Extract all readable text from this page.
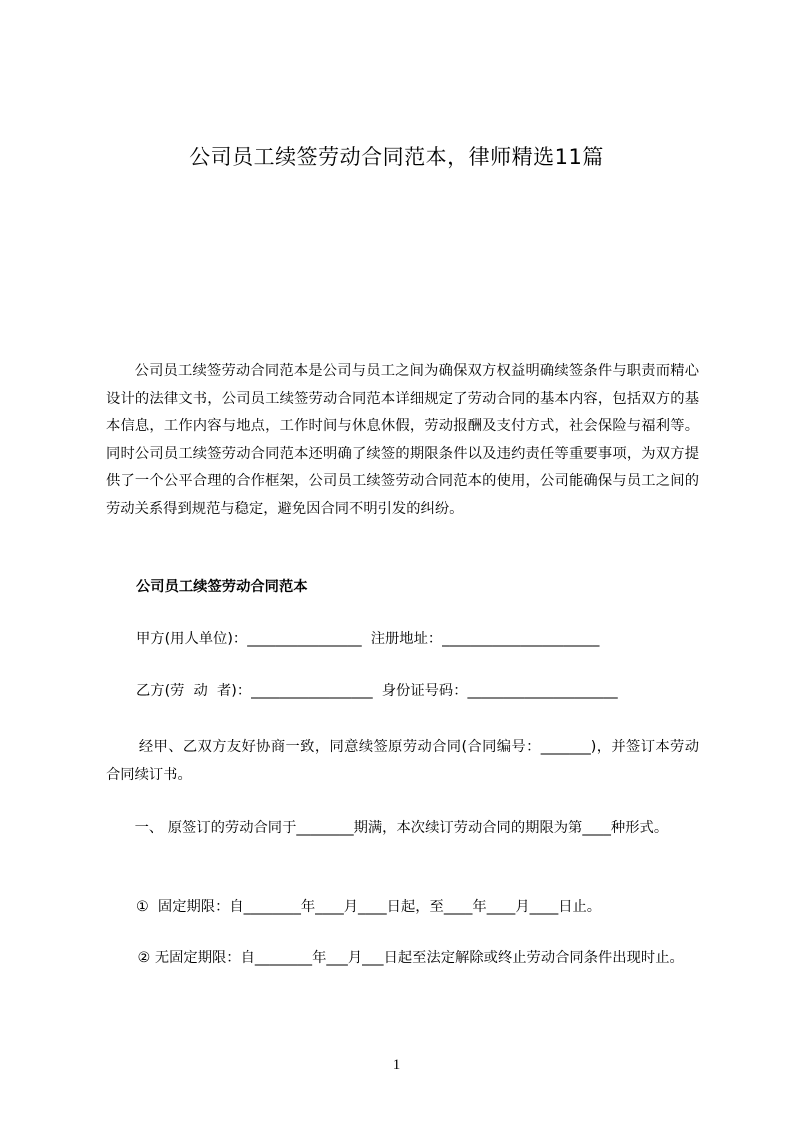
公司员工续签劳动合同范本，律师精选11篇

公司员工续签劳动合同范本是公司与员工之间为确保双方权益明确续签条件与职责而精心设计的法律文书，公司员工续签劳动合同范本详细规定了劳动合同的基本内容，包括双方的基本信息，工作内容与地点，工作时间与休息休假，劳动报酬及支付方式，社会保险与福利等。同时公司员工续签劳动合同范本还明确了续签的期限条件以及违约责任等重要事项，为双方提供了一个公平合理的合作框架，公司员工续签劳动合同范本的使用，公司能确保与员工之间的劳动关系得到规范与稳定，避免因合同不明引发的纠纷。

公司员工续签劳动合同范本
甲方(用人单位)：________________  注册地址：______________________
乙方(劳  动  者)：_________________  身份证号码：_____________________

经甲、乙双方友好协商一致，同意续签原劳动合同(合同编号：_______)，并签订本劳动合同续订书。

一、 原签订的劳动合同于________期满，本次续订劳动合同的期限为第____种形式。

①  固定期限：自________年____月____日起，至____年____月____日止。

② 无固定期限：自________年___月___日起至法定解除或终止劳动合同条件出现时止。

1
